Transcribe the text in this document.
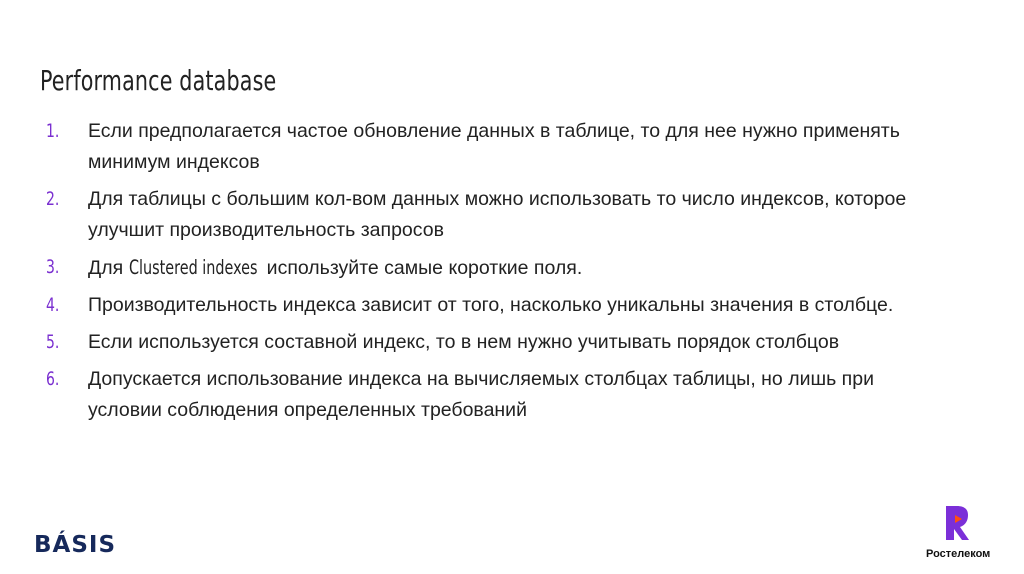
Performance database
1. Если предполагается частое обновление данных в таблице, то для нее нужно применять минимум индексов
2. Для таблицы с большим кол-вом данных можно использовать то число индексов, которое улучшит производительность запросов
3. Для Clustered indexes используйте самые короткие поля.
4. Производительность индекса зависит от того, насколько уникальны значения в столбце.
5. Если используется составной индекс, то в нем нужно учитывать порядок столбцов
6. Допускается использование индекса на вычисляемых столбцах таблицы, но лишь при условии соблюдения определенных требований
BÁSIS	Ростелеком
